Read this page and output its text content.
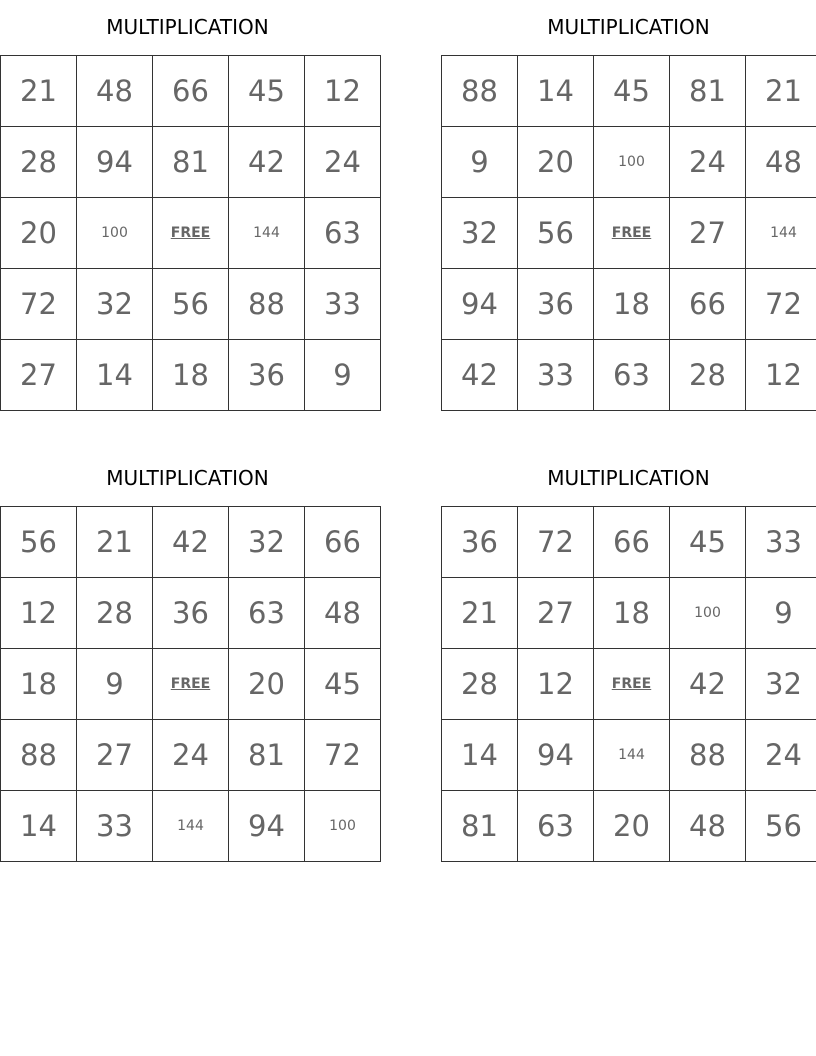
MULTIPLICATION
21	48	66	45	12
28	94	81	42	24
20	100	FREE	144	63
72	32	56	88	33
27	14	18	36	9
MULTIPLICATION
88	14	45	81	21
9	20	100	24	48
32	56	FREE	27	144
94	36	18	66	72
42	33	63	28	12
MULTIPLICATION
56	21	42	32	66
12	28	36	63	48
18	9	FREE	20	45
88	27	24	81	72
14	33	144	94	100
MULTIPLICATION
36	72	66	45	33
21	27	18	100	9
28	12	FREE	42	32
14	94	144	88	24
81	63	20	48	56
